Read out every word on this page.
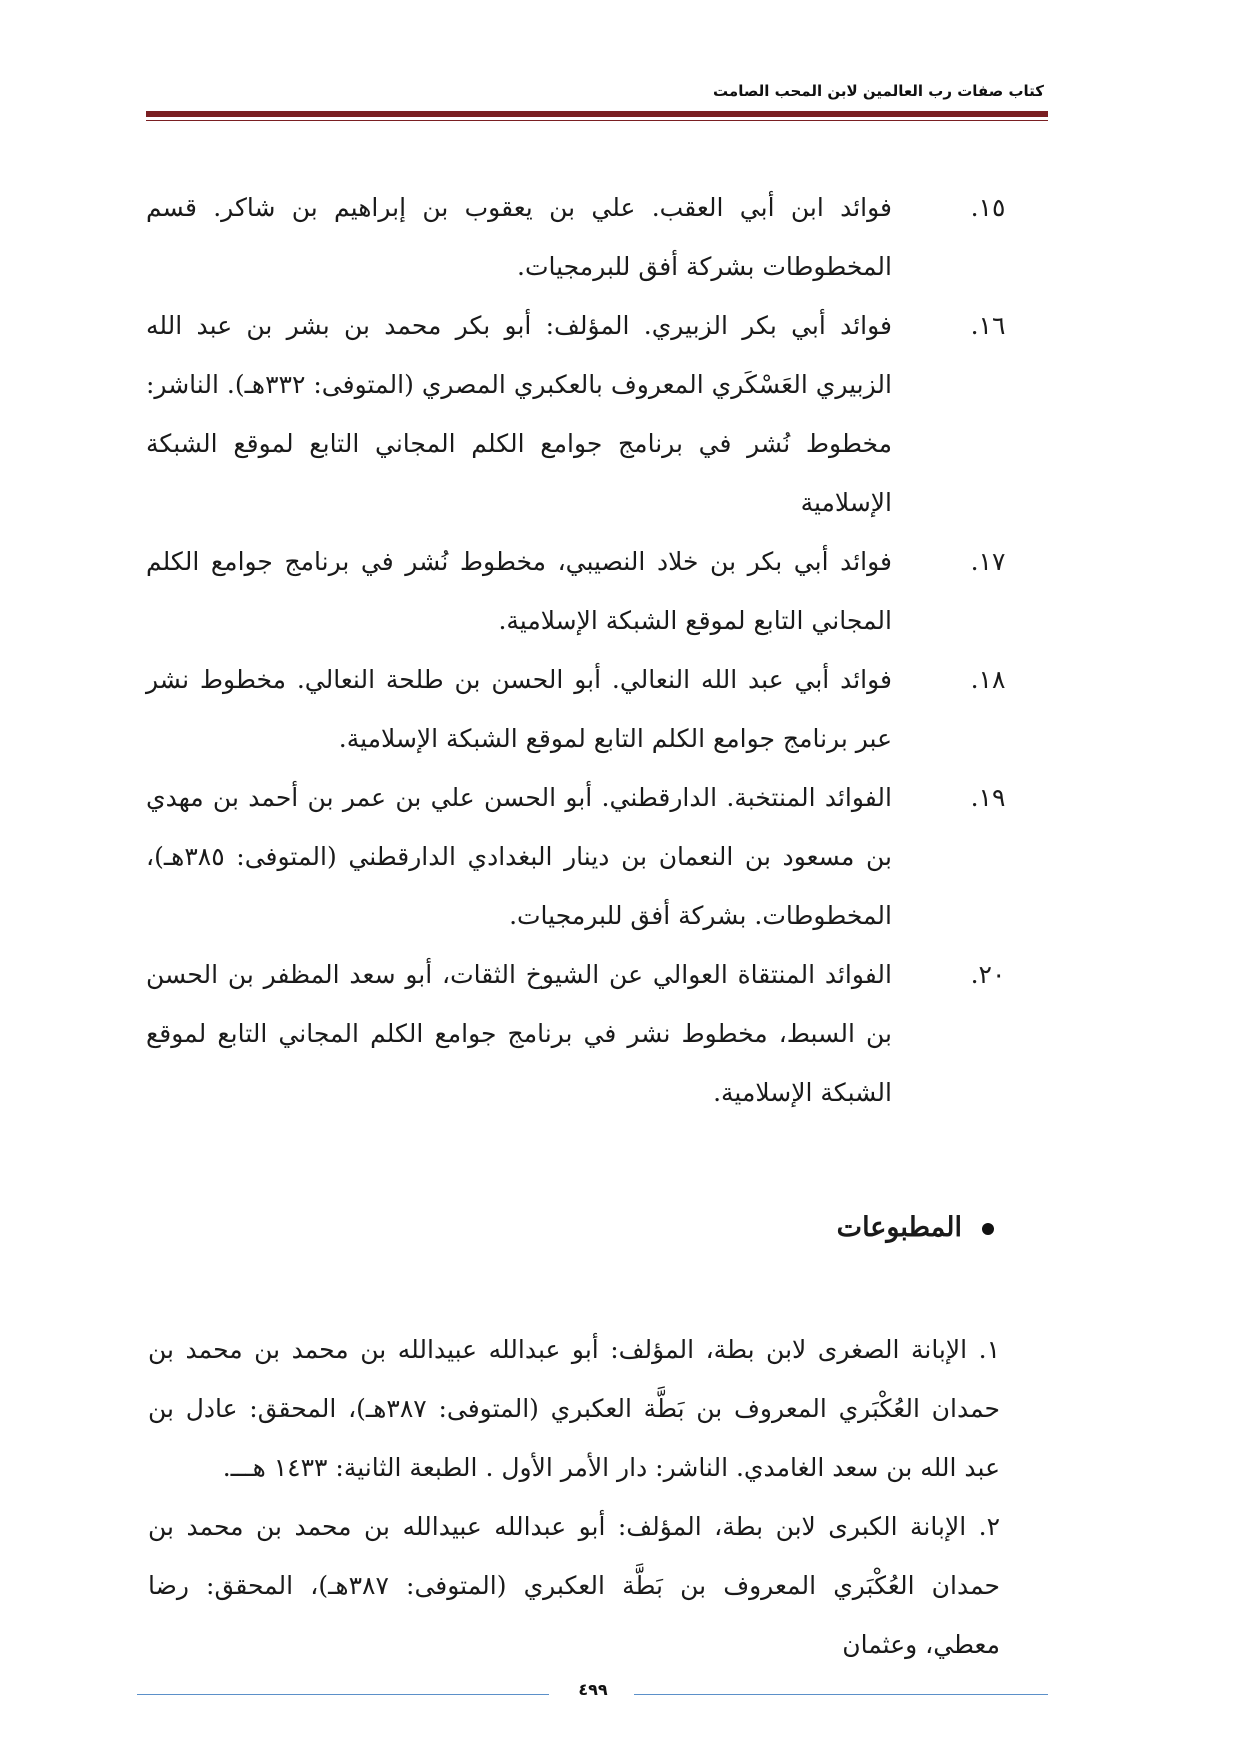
كتاب صفات رب العالمين لابن المحب الصامت
١٥.
فوائد ابن أبي العقب. علي بن يعقوب بن إبراهيم بن شاكر. قسم المخطوطات بشركة أفق للبرمجيات.
١٦.
فوائد أبي بكر الزبيري. المؤلف: أبو بكر محمد بن بشر بن عبد الله الزبيري العَسْكَري المعروف بالعكبري المصري (المتوفى: ٣٣٢هـ). الناشر: مخطوط نُشر في برنامج جوامع الكلم المجاني التابع لموقع الشبكة الإسلامية
١٧.
فوائد أبي بكر بن خلاد النصيبي، مخطوط نُشر في برنامج جوامع الكلم المجاني التابع لموقع الشبكة الإسلامية.
١٨.
فوائد أبي عبد الله النعالي. أبو الحسن بن طلحة النعالي. مخطوط نشر عبر برنامج جوامع الكلم التابع لموقع الشبكة الإسلامية.
١٩.
الفوائد المنتخبة. الدارقطني. أبو الحسن علي بن عمر بن أحمد بن مهدي بن مسعود بن النعمان بن دينار البغدادي الدارقطني (المتوفى: ٣٨٥هـ)، المخطوطات. بشركة أفق للبرمجيات.
٢٠.
الفوائد المنتقاة العوالي عن الشيوخ الثقات، أبو سعد المظفر بن الحسن بن السبط، مخطوط نشر في برنامج جوامع الكلم المجاني التابع لموقع الشبكة الإسلامية.
المطبوعات
١. الإبانة الصغرى لابن بطة، المؤلف: أبو عبدالله عبيدالله بن محمد بن محمد بن حمدان العُكْبَري المعروف بن بَطَّة العكبري (المتوفى: ٣٨٧هـ)، المحقق: عادل بن عبد الله بن سعد الغامدي. الناشر: دار الأمر الأول . الطبعة الثانية: ١٤٣٣ هـــ.
٢. الإبانة الكبرى لابن بطة، المؤلف: أبو عبدالله عبيدالله بن محمد بن محمد بن حمدان العُكْبَري المعروف بن بَطَّة العكبري (المتوفى: ٣٨٧هـ)، المحقق: رضا معطي، وعثمان
٤٩٩
